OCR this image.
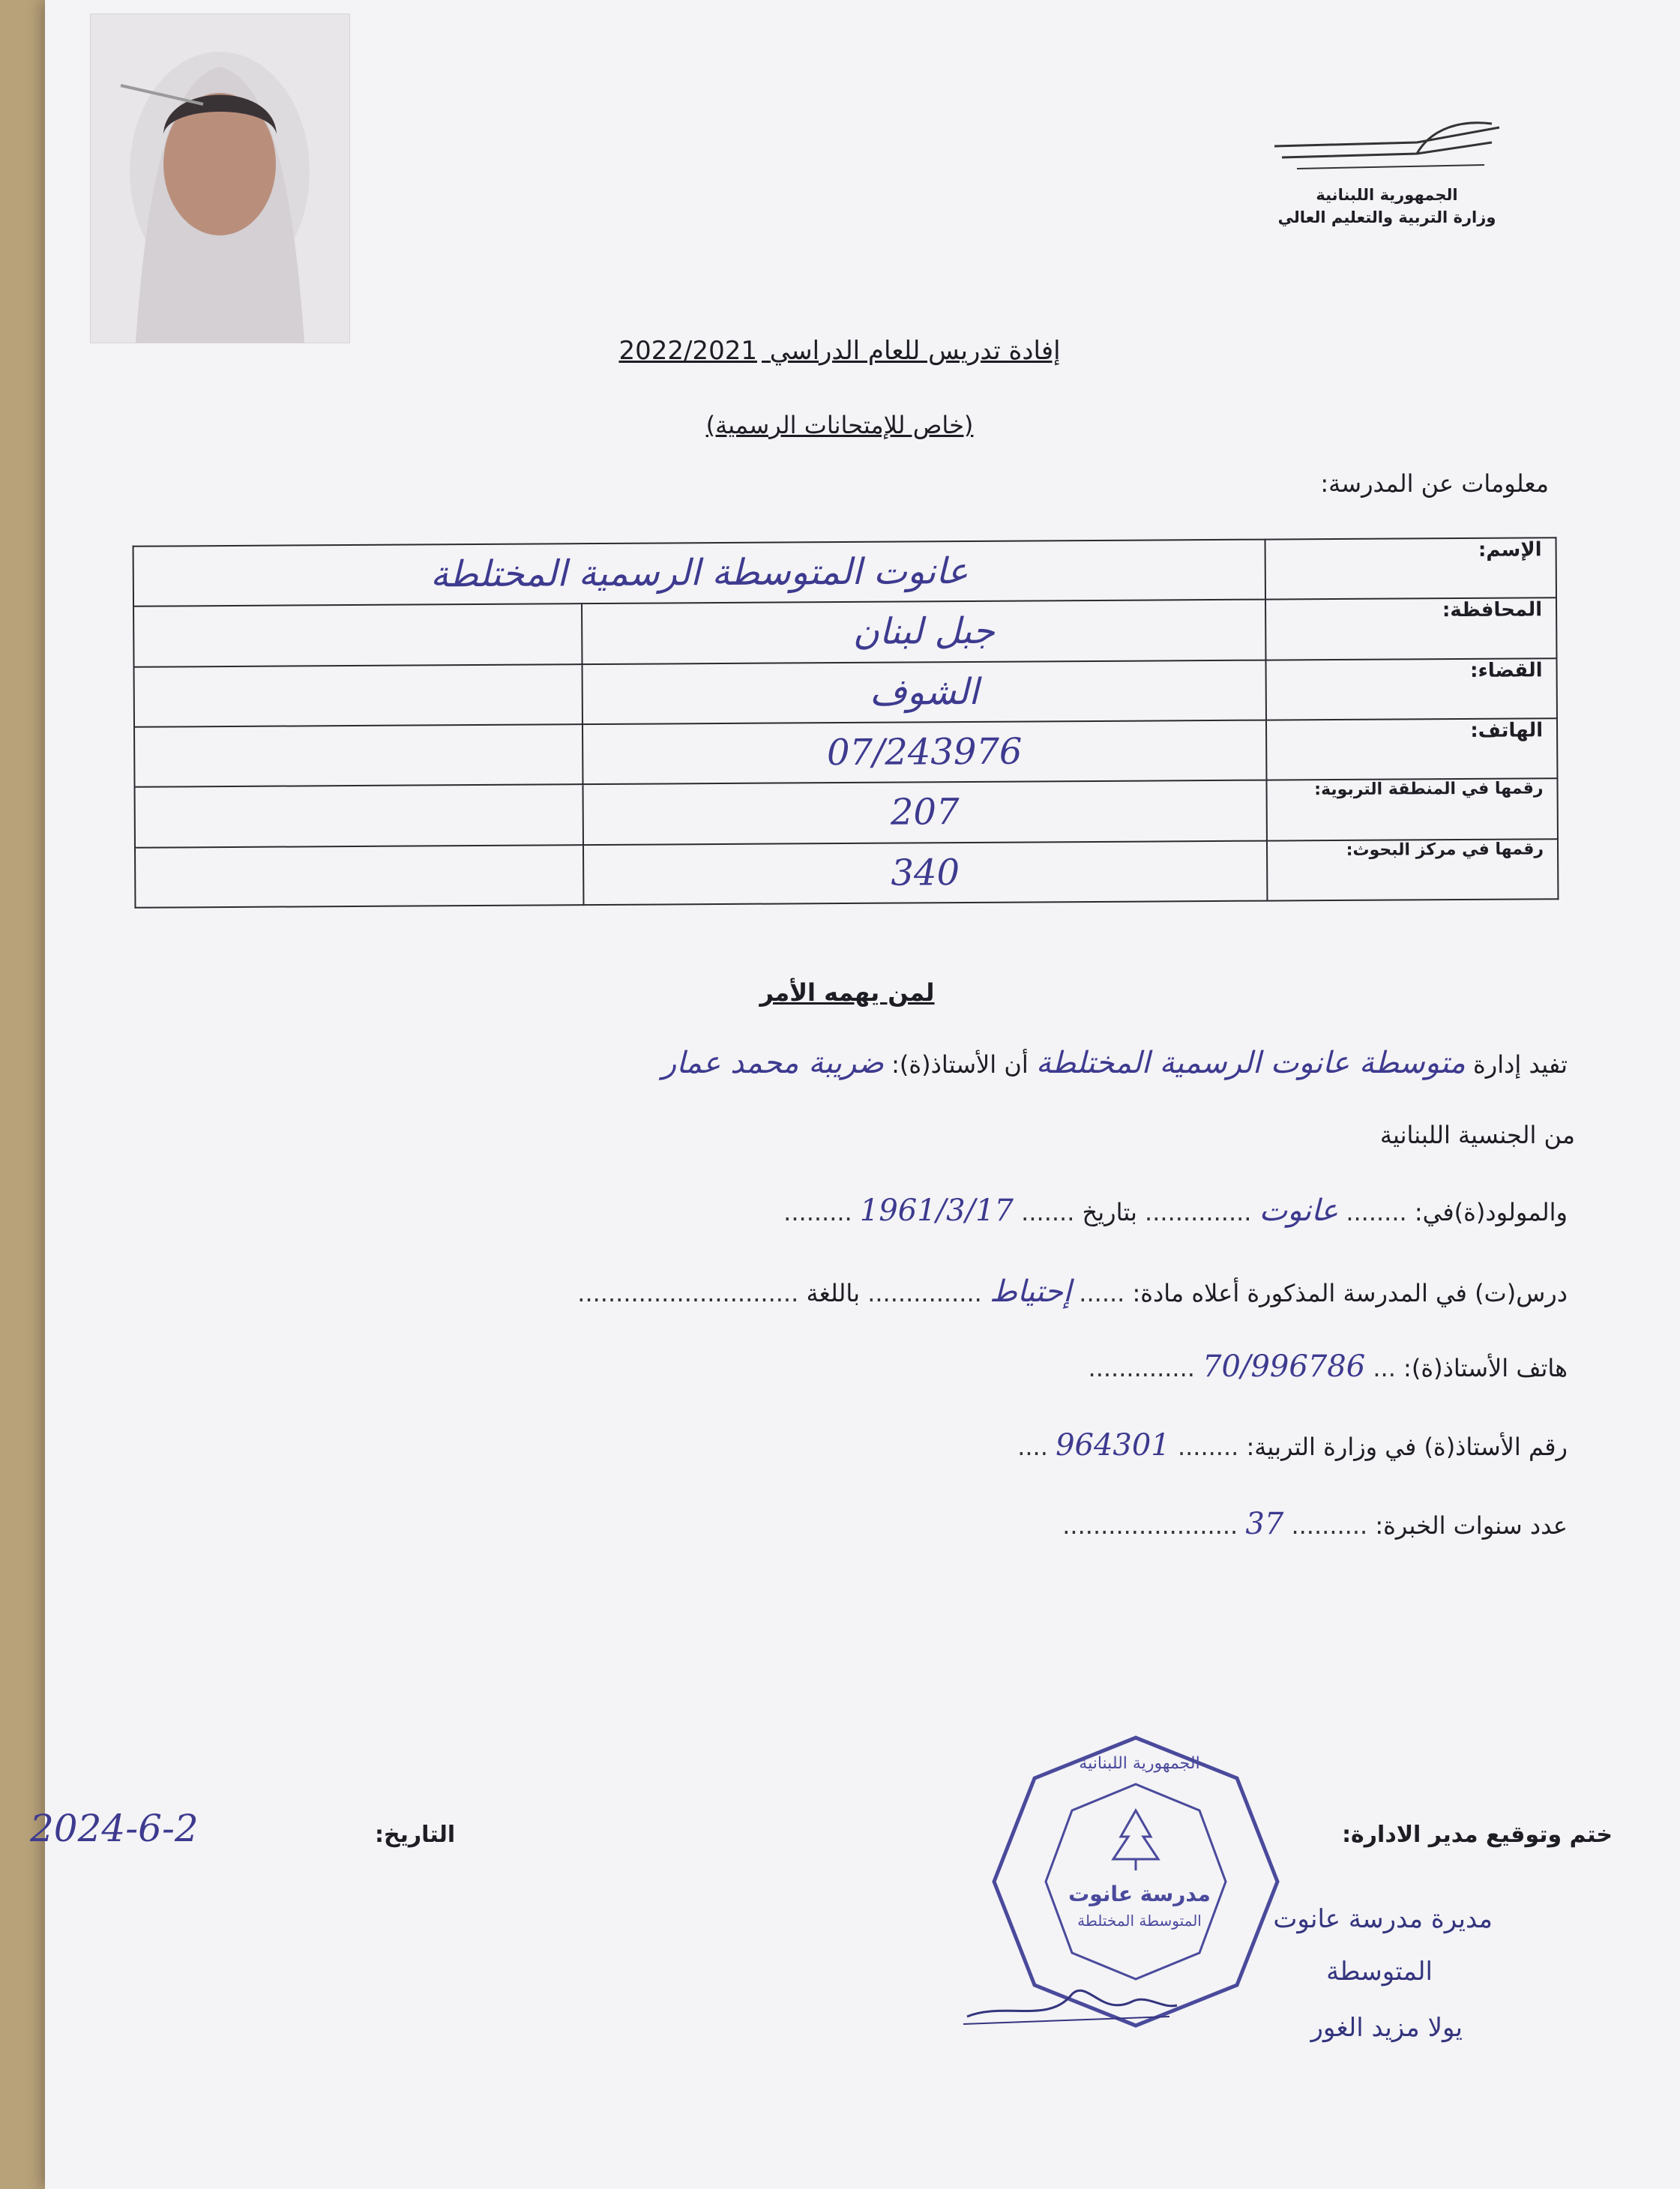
الجمهورية اللبنانية
وزارة التربية والتعليم العالي
إفادة تدريس للعام الدراسي 2022/2021
(خاص للإمتحانات الرسمية)
معلومات عن المدرسة:
الإسم:	عانوت المتوسطة الرسمية المختلطة	
المحافظة:	جبل لبنان	
القضاء:	الشوف	
الهاتف:	07/243976	
رقمها في المنطقة التربوية:	207	
رقمها في مركز البحوث:	340	
لمن يهمه الأمر
تفيد إدارة متوسطة عانوت الرسمية المختلطة أن الأستاذ(ة): ضريبة محمد عمار
من الجنسية اللبنانية
والمولود(ة)في: ........ عانوت .............. بتاريخ ....... 1961/3/17 .........
درس(ت) في المدرسة المذكورة أعلاه مادة: ...... إحتياط ............... باللغة .............................
هاتف الأستاذ(ة): ... 70/996786 ..............
رقم الأستاذ(ة) في وزارة التربية: ........ 964301 ....
عدد سنوات الخبرة: .......... 37 .......................
التاريخ:
2024-6-2	ختم وتوقيع مدير الادارة:
مديرة مدرسة عانوت
المتوسطة
يولا مزيد الغور
الجمهورية اللبنانية
مدرسة عانوت
المتوسطة المختلطة
